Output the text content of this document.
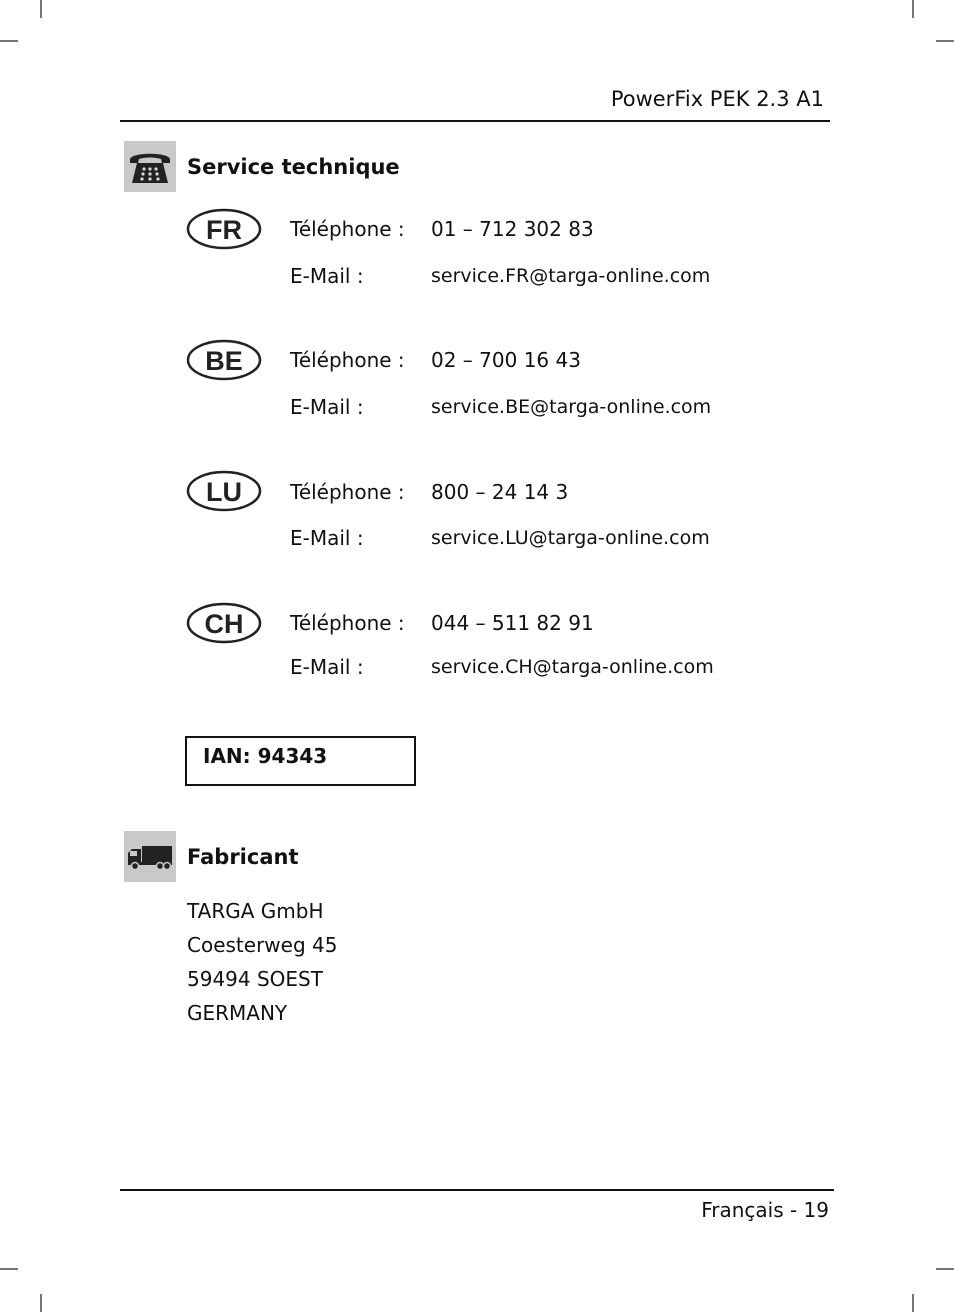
PowerFix PEK 2.3 A1
Service technique
FR Téléphone : 01 – 712 302 83
E-Mail :	service.FR@targa-online.com
BE Téléphone : 02 – 700 16 43
E-Mail :	service.BE@targa-online.com
LU Téléphone : 800 – 24 14 3
E-Mail :	service.LU@targa-online.com
CH Téléphone : 044 – 511 82 91
E-Mail :	service.CH@targa-online.com
IAN: 94343
Fabricant
TARGA GmbH
Coesterweg 45
59494 SOEST
GERMANY
Français - 19
